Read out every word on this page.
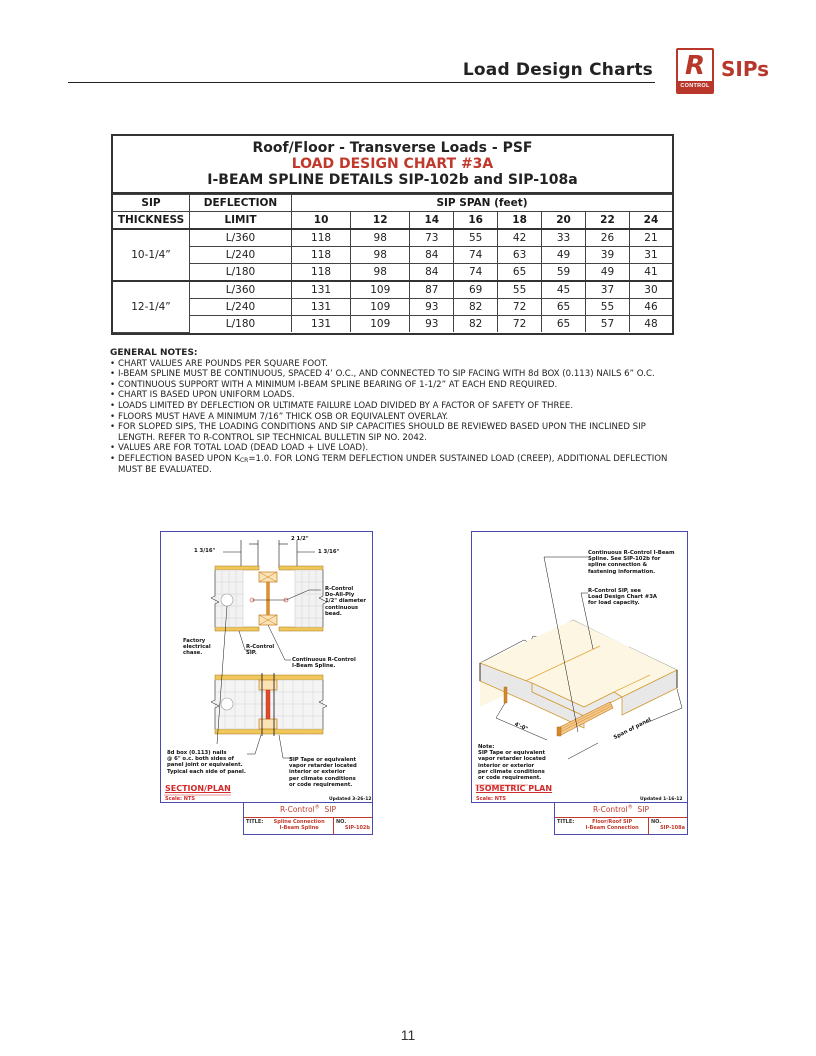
Load Design Charts R
CONTROL
SIPs
Roof/Floor - Transverse Loads - PSF
LOAD DESIGN CHART #3A
I-BEAM SPLINE DETAILS SIP-102b and SIP-108a
SIP	DEFLECTION	SIP SPAN (feet)							
THICKNESS	LIMIT	10	12	14	16	18	20	22	24
10-1/4”	L/360	118	98	73	55	42	33	26	21
	L/240	118	98	84	74	63	49	39	31
	L/180	118	98	84	74	65	59	49	41
12-1/4”	L/360	131	109	87	69	55	45	37	30
	L/240	131	109	93	82	72	65	55	46
	L/180	131	109	93	82	72	65	57	48
GENERAL NOTES:
• CHART VALUES ARE POUNDS PER SQUARE FOOT.
• I-BEAM SPLINE MUST BE CONTINUOUS, SPACED 4’ O.C., AND CONNECTED TO SIP FACING WITH 8d BOX (0.113) NAILS 6” O.C.
• CONTINUOUS SUPPORT WITH A MINIMUM I-BEAM SPLINE BEARING OF 1-1/2” AT EACH END REQUIRED.
• CHART IS BASED UPON UNIFORM LOADS.
• LOADS LIMITED BY DEFLECTION OR ULTIMATE FAILURE LOAD DIVIDED BY A FACTOR OF SAFETY OF THREE.
• FLOORS MUST HAVE A MINIMUM 7/16” THICK OSB OR EQUIVALENT OVERLAY.
• FOR SLOPED SIPS, THE LOADING CONDITIONS AND SIP CAPACITIES SHOULD BE REVIEWED BASED UPON THE INCLINED SIP LENGTH. REFER TO R-CONTROL SIP TECHNICAL BULLETIN SIP NO. 2042.
• VALUES ARE FOR TOTAL LOAD (DEAD LOAD + LIVE LOAD).
• DEFLECTION BASED UPON $K_{CR}=1.0$. FOR LONG TERM DEFLECTION UNDER SUSTAINED LOAD (CREEP), ADDITIONAL DEFLECTION MUST BE EVALUATED.
1 3/16"
2 1/2"
1 3/16"
R-Control
Do-All-Ply
1/2" diameter
continuous bead.
Factory
electrical
chase.
R-Control
SIP.
Continuous R-Control
I-Beam Spline.
8d box (0.113) nails
@ 6" o.c. both sides of
panel joint or equivalent.
Typical each side of panel.
SIP Tape or equivalent
vapor retarder located
interior or exterior
per climate conditions
or code requirement.
SECTION/PLAN
Scale: NTS	Updated 3-26-12
R-Control® SIP
TITLE:	Spline Connection
I-Beam Spline
NO.
SIP-102b
Continuous R-Control I-Beam
Spline. See SIP-102b for
spline connection &
fastening information.
R-Control SIP, see
Load Design Chart #3A
for load capacity.
4'-0"	Span of panel
Note:
SIP Tape or equivalent
vapor retarder located
interior or exterior
per climate conditions
or code requirement.
ISOMETRIC PLAN
Scale: NTS	Updated 1-16-12
R-Control® SIP
TITLE:	Floor/Roof SIP
I-Beam Connection
NO.
SIP-108a
11
